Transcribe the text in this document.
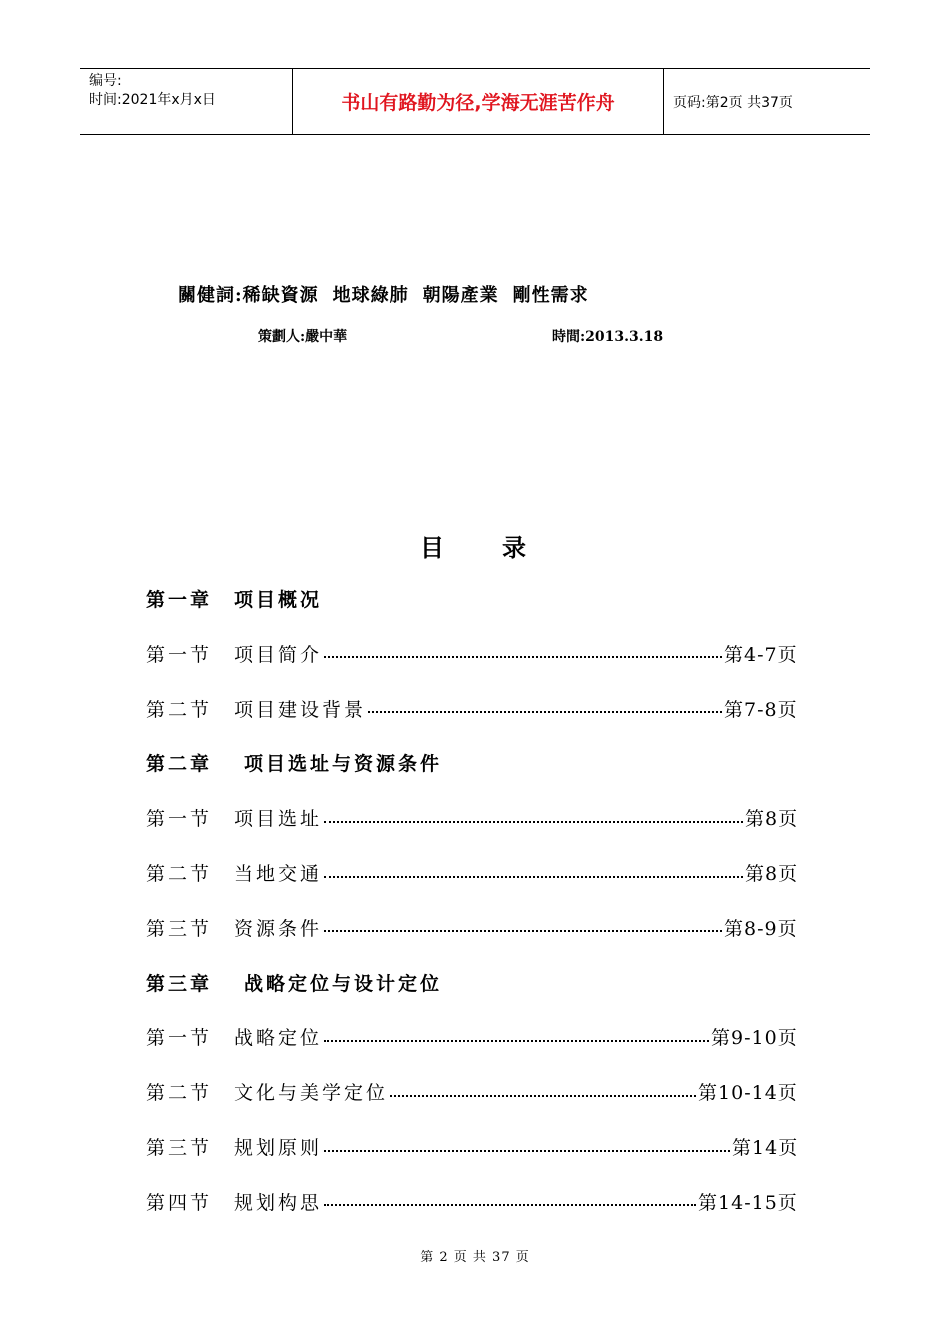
编号:
时间:2021年x月x日	书山有路勤为径,学海无涯苦作舟	页码:第2页 共37页
關健詞:稀缺資源 地球綠肺 朝陽產業 剛性需求
策劃人:嚴中華	時間:2013.3.18
目录
第一章	项目概况
第一节	项目简介	第4-7页
第二节	项目建设背景	第7-8页
第二章	项目选址与资源条件
第一节	项目选址	第8页
第二节	当地交通	第8页
第三节	资源条件	第8-9页
第三章	战略定位与设计定位
第一节	战略定位	第9-10页
第二节	文化与美学定位	第10-14页
第三节	规划原则	第14页
第四节	规划构思	第14-15页
第 2 页 共 37 页
